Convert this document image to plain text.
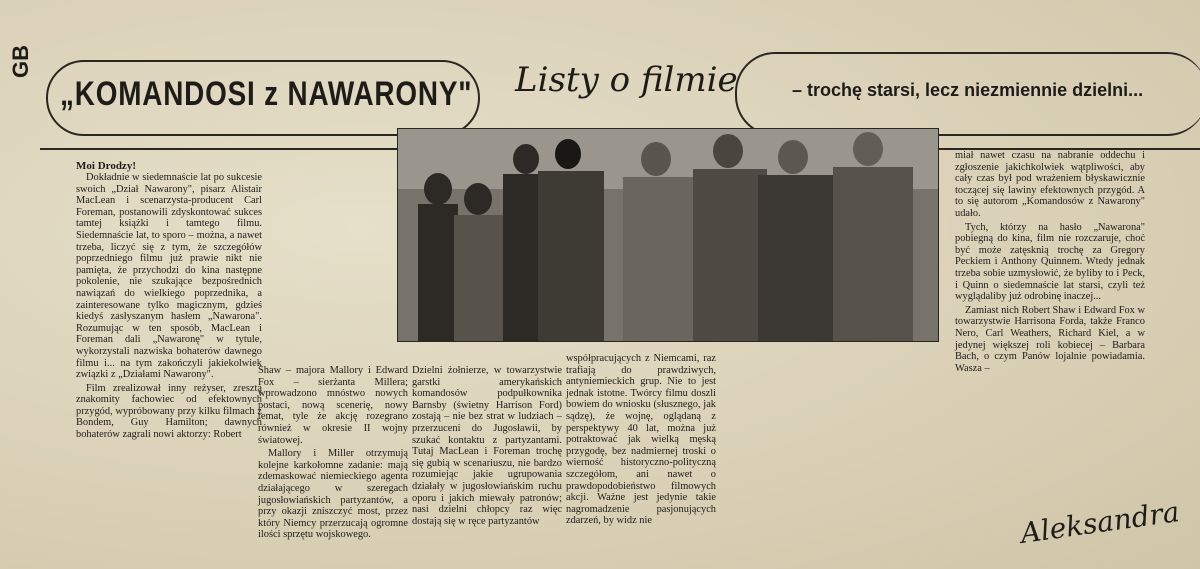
GB
„KOMANDOSI z NAWARONY" Listy o filmie	– trochę starsi, lecz niezmiennie dzielni...
Moi Drodzy!

Dokładnie w siedemnaście lat po sukcesie swoich „Dział Nawarony", pisarz Alistair MacLean i scenarzysta-producent Carl Foreman, postanowili zdyskontować sukces tamtej książki i tamtego filmu. Siedemnaście lat, to sporo – można, a nawet trzeba, liczyć się z tym, że szczegółów poprzedniego filmu już prawie nikt nie pamięta, że przychodzi do kina następne pokolenie, nie szukające bezpośrednich nawiązań do wielkiego poprzednika, a zainteresowane tylko magicznym, gdzieś kiedyś zasłyszanym hasłem „Nawarona". Rozumując w ten sposób, MacLean i Foreman dali „Nawaronę" w tytule, wykorzystali nazwiska bohaterów dawnego filmu i... na tym zakończyli jakiekolwiek związki z „Działami Nawarony".

Film zrealizował inny reżyser, zresztą znakomity fachowiec od efektownych przygód, wypróbowany przy kilku filmach z Bondem, Guy Hamilton; dawnych bohaterów zagrali nowi aktorzy: Robert

Shaw – majora Mallory i Edward Fox – sierżanta Millera; wprowadzono mnóstwo nowych postaci, nową scenerię, nowy temat, tyle że akcję rozegrano również w okresie II wojny światowej.

Mallory i Miller otrzymują kolejne karkołomne zadanie: mają zdemaskować niemieckiego agenta działającego w szeregach jugosłowiańskich partyzantów, a przy okazji zniszczyć most, przez który Niemcy przerzucają ogromne ilości sprzętu wojskowego.

Dzielni żołnierze, w towarzystwie garstki amerykańskich komandosów podpułkownika Barnsby (świetny Harrison Ford) zostają – nie bez strat w ludziach – przerzuceni do Jugosławii, by szukać kontaktu z partyzantami. Tutaj MacLean i Foreman trochę się gubią w scenariuszu, nie bardzo rozumiejąc jakie ugrupowania działały w jugosłowiańskim ruchu oporu i jakich miewały patronów; nasi dzielni chłopcy raz więc dostają się w ręce partyzantów

współpracujących z Niemcami, raz trafiają do prawdziwych, antyniemieckich grup. Nie to jest jednak istotne. Twórcy filmu doszli bowiem do wniosku (słusznego, jak sądzę), że wojnę, oglądaną z perspektywy 40 lat, można już potraktować jak wielką męską przygodę, bez nadmiernej troski o wierność historyczno-polityczną szczegółom, ani nawet o prawdopodobieństwo filmowych akcji. Ważne jest jedynie takie nagromadzenie pasjonujących zdarzeń, by widz nie

miał nawet czasu na nabranie oddechu i zgłoszenie jakichkolwiek wątpliwości, aby cały czas był pod wrażeniem błyskawicznie toczącej się lawiny efektownych przygód. A to się autorom „Komandosów z Nawarony" udało.

Tych, którzy na hasło „Nawarona" pobiegną do kina, film nie rozczaruje, choć być może zatęsknią trochę za Gregory Peckiem i Anthony Quinnem. Wtedy jednak trzeba sobie uzmysłowić, że byliby to i Peck, i Quinn o siedemnaście lat starsi, czyli też wyglądaliby już odrobinę inaczej...

Zamiast nich Robert Shaw i Edward Fox w towarzystwie Harrisona Forda, także Franco Nero, Carl Weathers, Richard Kiel, a w jedynej większej roli kobiecej – Barbara Bach, o czym Panów lojalnie powiadamia. Wasza –

Aleksandra
